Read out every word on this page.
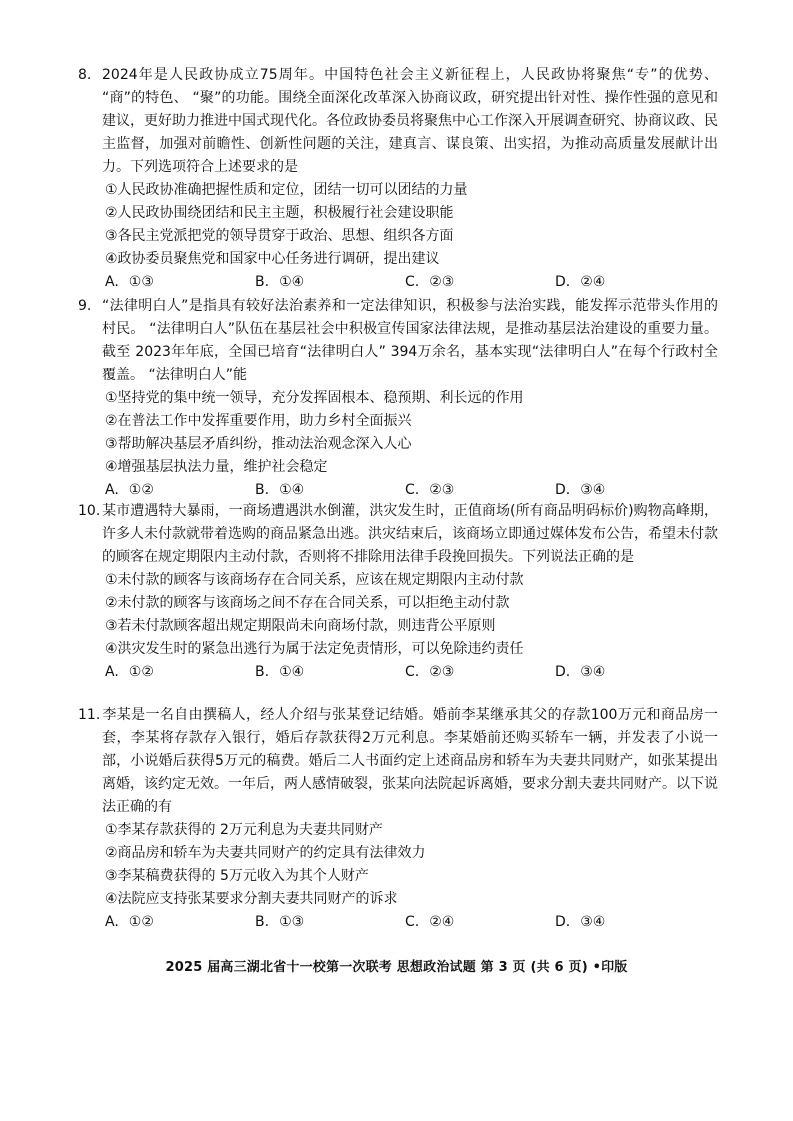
8. 2024年是人民政协成立75周年。中国特色社会主义新征程上，人民政协将聚焦“专”的优势、 “商”的特色、 “聚”的功能。围绕全面深化改革深入协商议政，研究提出针对性、操作性强的意见和建议，更好助力推进中国式现代化。各位政协委员将聚焦中心工作深入开展调查研究、协商议政、民主监督，加强对前瞻性、创新性问题的关注，建真言、谋良策、出实招，为推动高质量发展献计出力。下列选项符合上述要求的是

①人民政协准确把握性质和定位，团结一切可以团结的力量

②人民政协围绕团结和民主主题，积极履行社会建设职能

③各民主党派把党的领导贯穿于政治、思想、组织各方面

④政协委员聚焦党和国家中心任务进行调研，提出建议

A. ①③	B. ①④	C. ②③	D. ②④

9. “法律明白人”是指具有较好法治素养和一定法律知识，积极参与法治实践，能发挥示范带头作用的村民。 “法律明白人”队伍在基层社会中积极宣传国家法律法规，是推动基层法治建设的重要力量。截至 2023年年底，全国已培育“法律明白人” 394万余名，基本实现“法律明白人”在每个行政村全覆盖。 “法律明白人”能

①坚持党的集中统一领导，充分发挥固根本、稳预期、利长远的作用

②在普法工作中发挥重要作用，助力乡村全面振兴

③帮助解决基层矛盾纠纷，推动法治观念深入人心

④增强基层执法力量，维护社会稳定

A. ①②	B. ①④	C. ②③	D. ③④

10. 某市遭遇特大暴雨，一商场遭遇洪水倒灌，洪灾发生时，正值商场(所有商品明码标价)购物高峰期，许多人未付款就带着选购的商品紧急出逃。洪灾结束后，该商场立即通过媒体发布公告，希望未付款的顾客在规定期限内主动付款，否则将不排除用法律手段挽回损失。下列说法正确的是

①未付款的顾客与该商场存在合同关系，应该在规定期限内主动付款

②未付款的顾客与该商场之间不存在合同关系，可以拒绝主动付款

③若未付款顾客超出规定期限尚未向商场付款，则违背公平原则

④洪灾发生时的紧急出逃行为属于法定免责情形，可以免除违约责任

A. ①②	B. ①④	C. ②③	D. ③④

11. 李某是一名自由撰稿人，经人介绍与张某登记结婚。婚前李某继承其父的存款100万元和商品房一套，李某将存款存入银行，婚后存款获得2万元利息。李某婚前还购买轿车一辆，并发表了小说一部，小说婚后获得5万元的稿费。婚后二人书面约定上述商品房和轿车为夫妻共同财产，如张某提出离婚，该约定无效。一年后，两人感情破裂，张某向法院起诉离婚，要求分割夫妻共同财产。以下说法正确的有

①李某存款获得的 2万元利息为夫妻共同财产

②商品房和轿车为夫妻共同财产的约定具有法律效力

③李某稿费获得的 5万元收入为其个人财产

④法院应支持张某要求分割夫妻共同财产的诉求

A. ①②	B. ①③	C. ②④	D. ③④
2025 届高三湖北省十一校第一次联考 思想政治试题 第 3 页 (共 6 页) •印版
